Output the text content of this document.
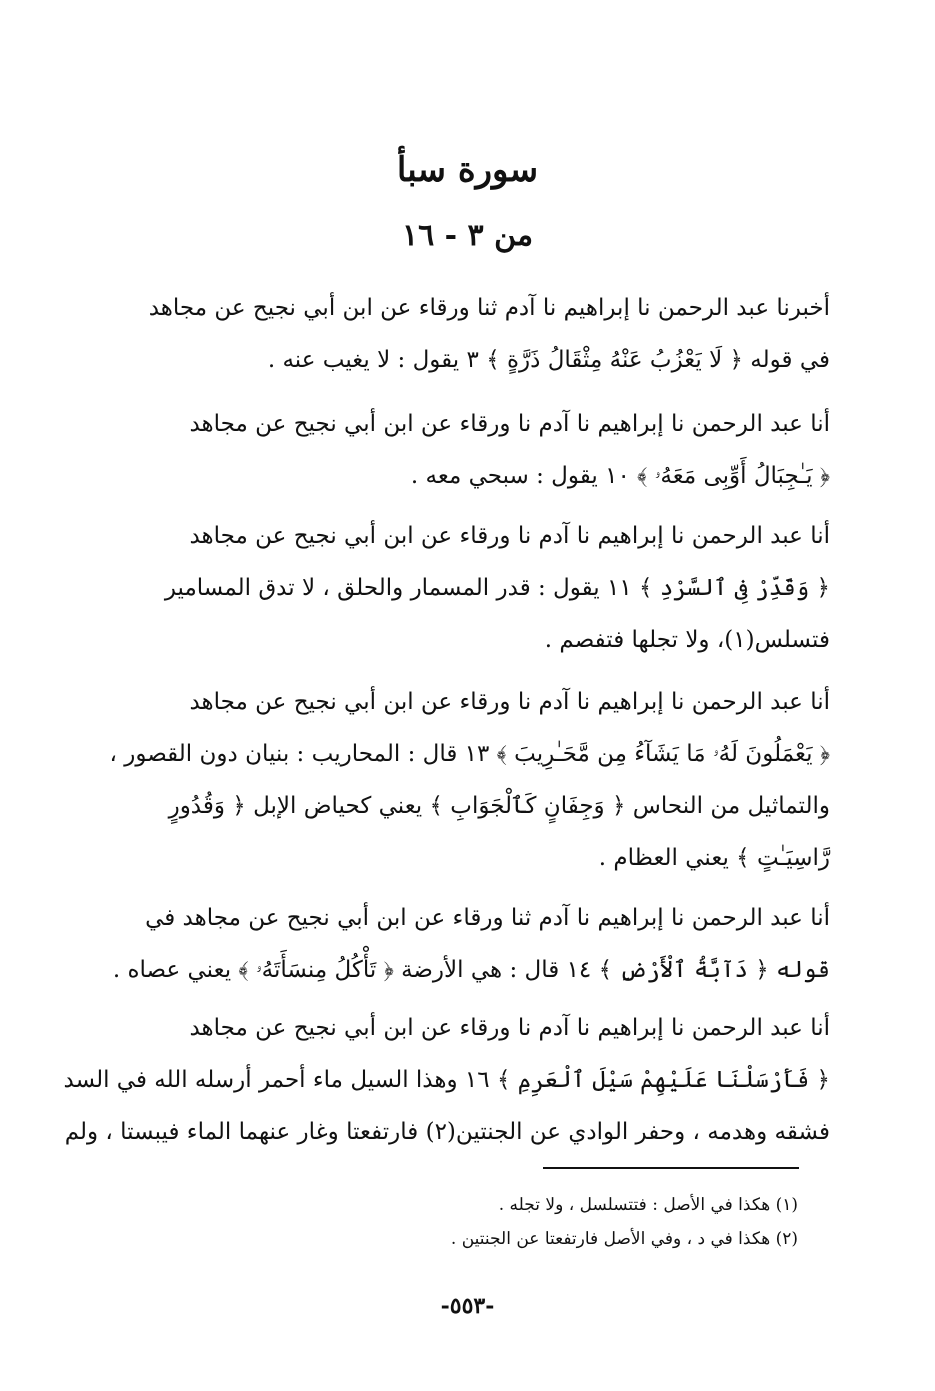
سورة سبأ
من ٣ - ١٦
أخبرنا عبد الرحمن نا إبراهيم نا آدم ثنا ورقاء عن ابن أبي نجيح عن مجاهد
في قوله ﴿ لَا يَعْزُبُ عَنْهُ مِثْقَالُ ذَرَّةٍ ﴾ ٣ يقول : لا يغيب عنه .
أنا عبد الرحمن نا إبراهيم نا آدم نا ورقاء عن ابن أبي نجيح عن مجاهد
﴿ يَـٰجِبَالُ أَوِّبِى مَعَهُۥ ﴾ ١٠ يقول : سبحي معه .
أنا عبد الرحمن نا إبراهيم نا آدم نا ورقاء عن ابن أبي نجيح عن مجاهد
﴿ وَقَدِّرْ فِى ٱلسَّرْدِ ﴾ ١١ يقول : قدر المسمار والحلق ، لا تدق المسامير
فتسلس(١)، ولا تجلها فتفصم .
أنا عبد الرحمن نا إبراهيم نا آدم نا ورقاء عن ابن أبي نجيح عن مجاهد
﴿ يَعْمَلُونَ لَهُۥ مَا يَشَآءُ مِن مَّحَـٰرِيبَ ﴾ ١٣ قال : المحاريب : بنيان دون القصور ،
والتماثيل من النحاس ﴿ وَجِفَانٍ كَٱلْجَوَابِ ﴾ يعني كحياض الإبل ﴿ وَقُدُورٍ
رَّاسِيَـٰتٍ ﴾ يعني العظام .
أنا عبد الرحمن نا إبراهيم نا آدم ثنا ورقاء عن ابن أبي نجيح عن مجاهد في
قوله ﴿ دَآبَّةُ ٱلْأَرْضِ ﴾ ١٤ قال : هي الأرضة ﴿ تَأْكُلُ مِنسَأَتَهُۥ ﴾ يعني عصاه .
أنا عبد الرحمن نا إبراهيم نا آدم نا ورقاء عن ابن أبي نجيح عن مجاهد
﴿ فَأَرْسَلْنَا عَلَيْهِمْ سَيْلَ ٱلْعَرِمِ ﴾ ١٦ وهذا السيل ماء أحمر أرسله الله في السد
فشقه وهدمه ، وحفر الوادي عن الجنتين(٢) فارتفعتا وغار عنهما الماء فيبستا ، ولم
(١) هكذا في الأصل : فتتسلسل ، ولا تجله .
(٢) هكذا في د ، وفي الأصل فارتفعتا عن الجنتين .
-٥٥٣-
